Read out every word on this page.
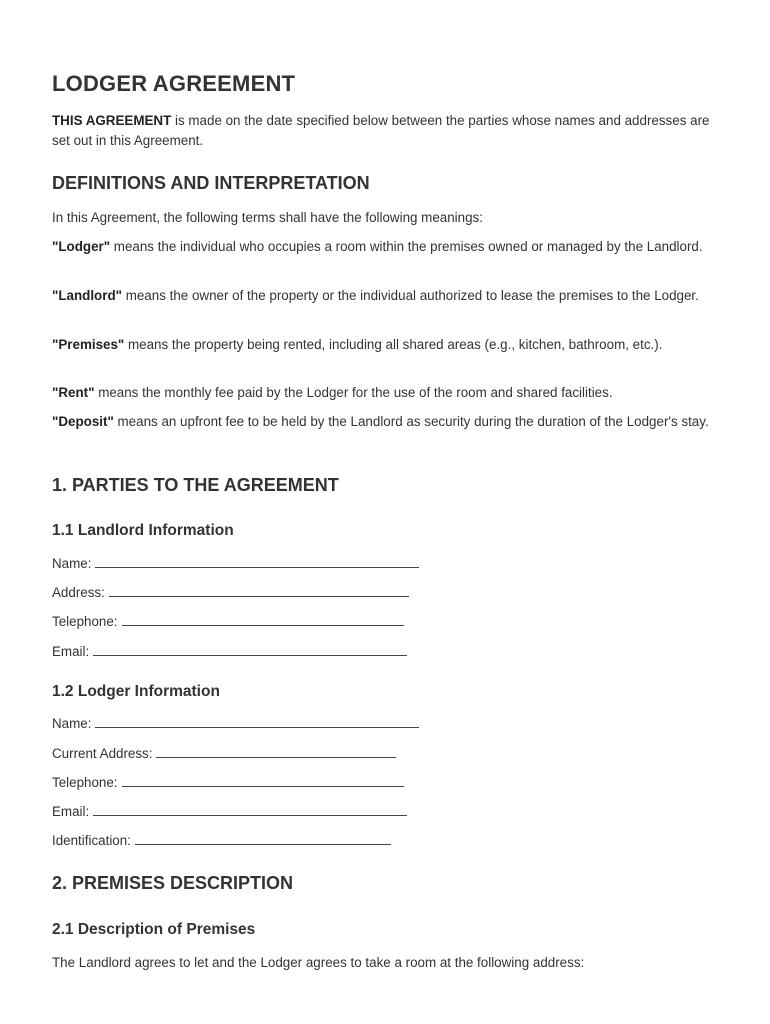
LODGER AGREEMENT

THIS AGREEMENT is made on the date specified below between the parties whose names and addresses are set out in this Agreement.

DEFINITIONS AND INTERPRETATION

In this Agreement, the following terms shall have the following meanings:

"Lodger" means the individual who occupies a room within the premises owned or managed by the Landlord.

"Landlord" means the owner of the property or the individual authorized to lease the premises to the Lodger.

"Premises" means the property being rented, including all shared areas (e.g., kitchen, bathroom, etc.).

"Rent" means the monthly fee paid by the Lodger for the use of the room and shared facilities.

"Deposit" means an upfront fee to be held by the Landlord as security during the duration of the Lodger's stay.

1. PARTIES TO THE AGREEMENT
1.1 Landlord Information

Name:

Address:

Telephone:

Email:

1.2 Lodger Information

Name:

Current Address:

Telephone:

Email:

Identification:

2. PREMISES DESCRIPTION
2.1 Description of Premises

The Landlord agrees to let and the Lodger agrees to take a room at the following address:
